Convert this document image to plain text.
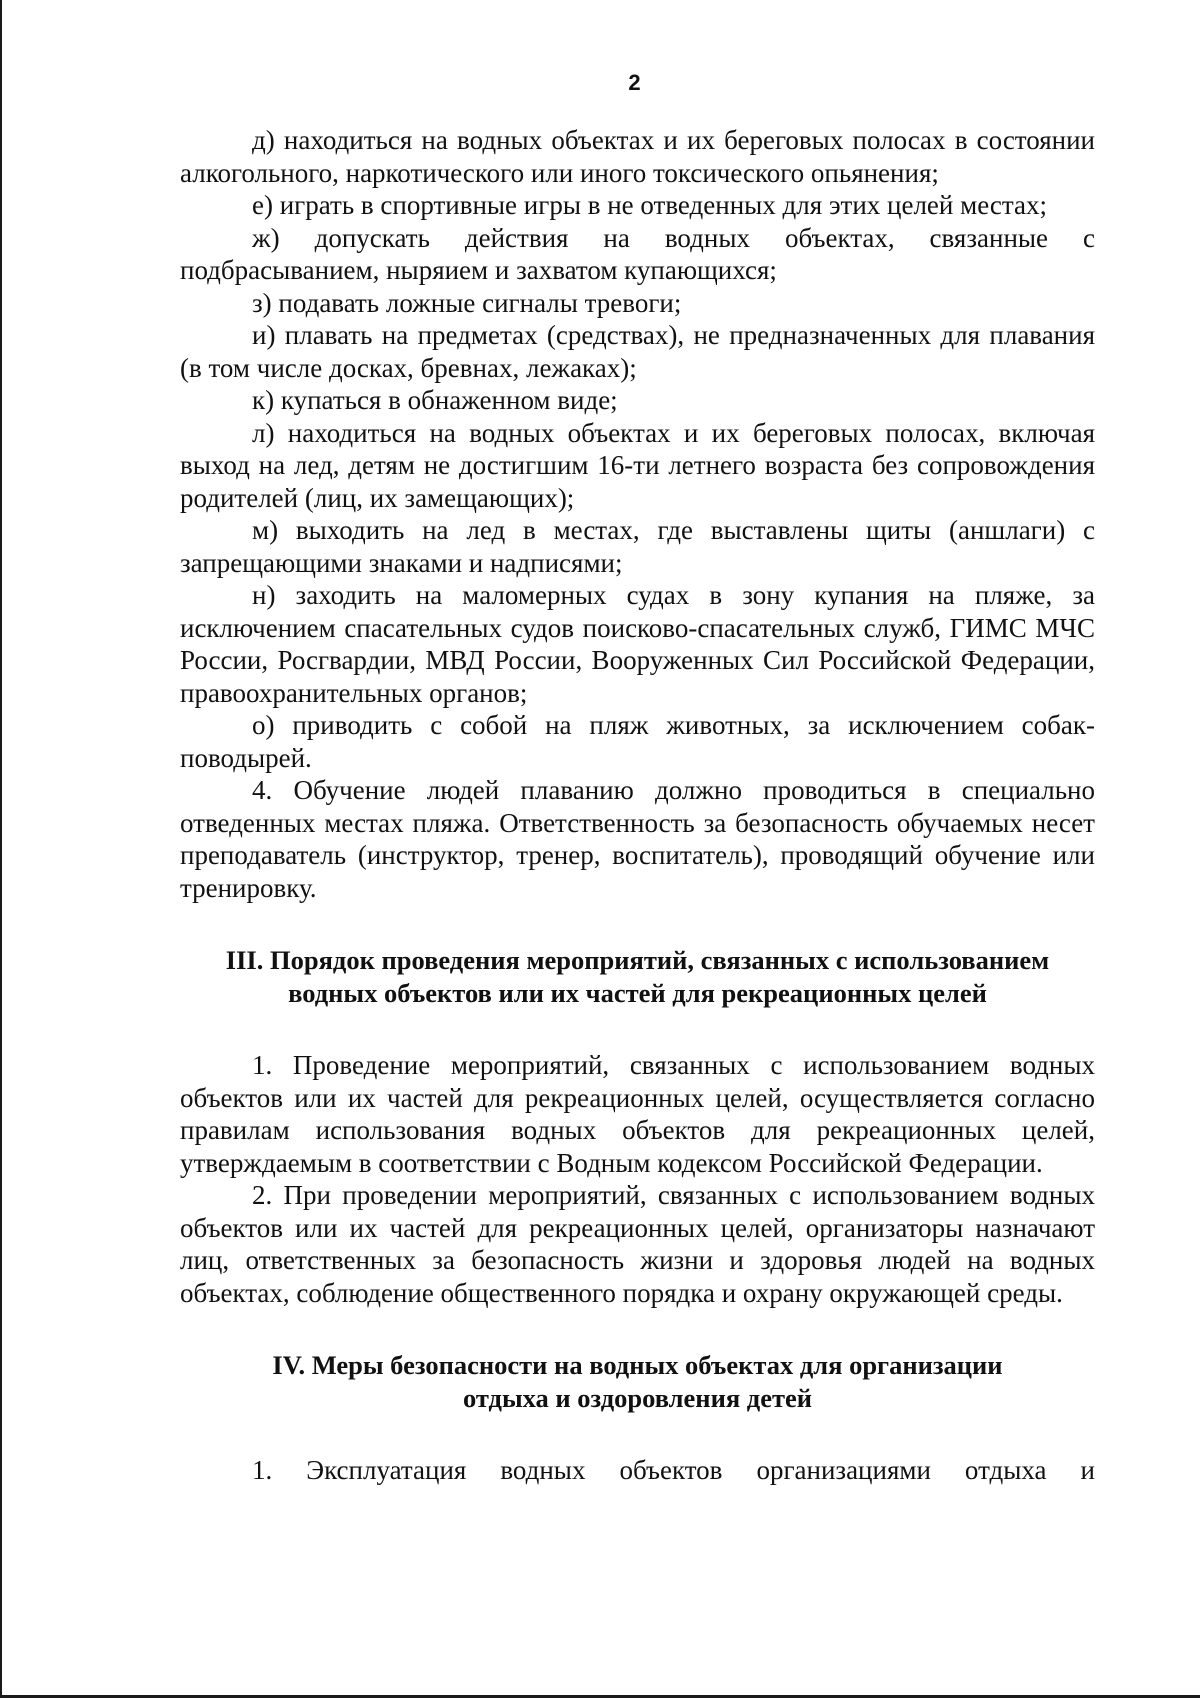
2

д) находиться на водных объектах и их береговых полосах в состоянии алкогольного, наркотического или иного токсического опьянения;

е) играть в спортивные игры в не отведенных для этих целей местах;

ж) допускать действия на водных объектах, связанные с подбрасыванием, ныряием и захватом купающихся;

з) подавать ложные сигналы тревоги;

и) плавать на предметах (средствах), не предназначенных для плавания (в том числе досках, бревнах, лежаках);

к) купаться в обнаженном виде;

л) находиться на водных объектах и их береговых полосах, включая выход на лед, детям не достигшим 16-ти летнего возраста без сопровождения родителей (лиц, их замещающих);

м) выходить на лед в местах, где выставлены щиты (аншлаги) с запрещающими знаками и надписями;

н) заходить на маломерных судах в зону купания на пляже, за исключением спасательных судов поисково-спасательных служб, ГИМС МЧС России, Росгвардии, МВД России, Вооруженных Сил Российской Федерации, правоохранительных органов;

о) приводить с собой на пляж животных, за исключением собак-поводырей.

4. Обучение людей плаванию должно проводиться в специально отведенных местах пляжа. Ответственность за безопасность обучаемых несет преподаватель (инструктор, тренер, воспитатель), проводящий обучение или тренировку.

III. Порядок проведения мероприятий, связанных с использованием
водных объектов или их частей для рекреационных целей

1. Проведение мероприятий, связанных с использованием водных объектов или их частей для рекреационных целей, осуществляется согласно правилам использования водных объектов для рекреационных целей, утверждаемым в соответствии с Водным кодексом Российской Федерации.

2. При проведении мероприятий, связанных с использованием водных объектов или их частей для рекреационных целей, организаторы назначают лиц, ответственных за безопасность жизни и здоровья людей на водных объектах, соблюдение общественного порядка и охрану окружающей среды.

IV. Меры безопасности на водных объектах для организации
отдыха и оздоровления детей

1. Эксплуатация водных объектов организациями отдыха и
